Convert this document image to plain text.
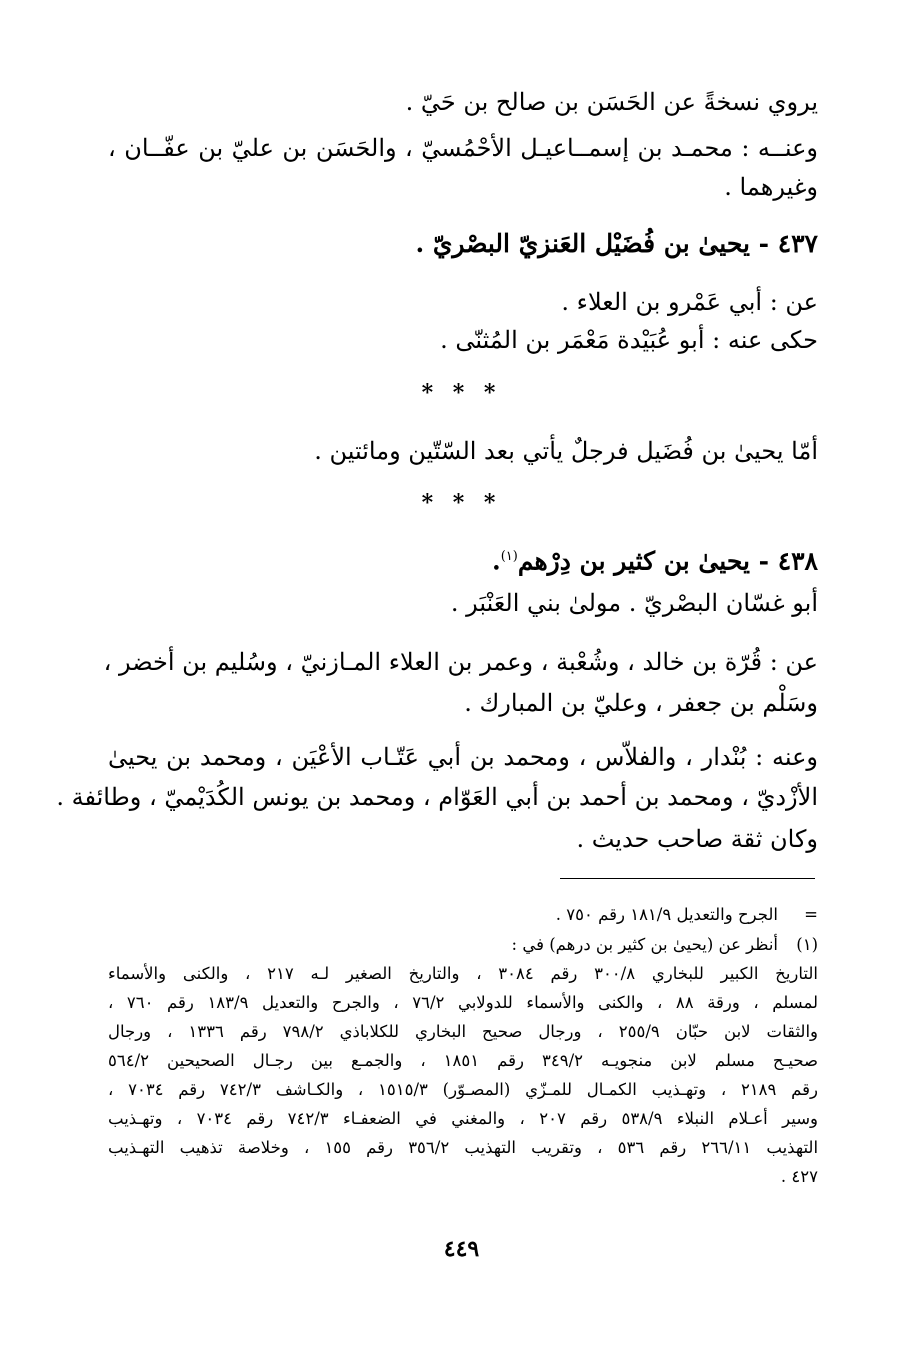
يروي نسخةً عن الحَسَن بن صالح بن حَيّ .
وعنــه : محمـد بن إسمــاعيـل الأحْمُسيّ ، والحَسَن بن عليّ بن عفّــان ،
وغيرهما .
٤٣٧ - يحيىٰ بن فُضَيْل العَنزيّ البصْريّ .
عن : أبي عَمْرو بن العلاء .
حكى عنه : أبو عُبَيْدة مَعْمَر بن المُثنّى .
* * *
أمّا يحيىٰ بن فُضَيل فرجلٌ يأتي بعد السّتّين ومائتين .
* * *
٤٣٨ - يحيىٰ بن كثير بن دِرْهم$^{(١)}$.
أبو غسّان البصْريّ . مولىٰ بني العَنْبَر .
عن : قُرّة بن خالد ، وشُعْبة ، وعمر بن العلاء المـازنيّ ، وسُليم بن أخضر ،
وسَلْم بن جعفر ، وعليّ بن المبارك .
وعنه : بُنْدار ، والفلاّس ، ومحمد بن أبي عَتّـاب الأعْيَن ، ومحمد بن يحيىٰ
الأزْديّ ، ومحمد بن أحمد بن أبي العَوّام ، ومحمد بن يونس الكُدَيْميّ ، وطائفة .
وكان ثقة صاحب حديث .
=
الجرح والتعديل ١٨١/٩ رقم ٧٥٠ .
(١)
أنظر عن (يحيىٰ بن كثير بن درهم) في :
التاريخ الكبير للبخاري ٣٠٠/٨ رقم ٣٠٨٤ ، والتاريخ الصغير لـه ٢١٧ ، والكنى والأسماء
لمسلم ، ورقة ٨٨ ، والكنى والأسماء للدولابي ٧٦/٢ ، والجرح والتعديل ١٨٣/٩ رقم ٧٦٠ ،
والثقات لابن حبّان ٢٥٥/٩ ، ورجال صحيح البخاري للكلاباذي ٧٩٨/٢ رقم ١٣٣٦ ، ورجال
صحيـح مسلم لابن منجويـه ٣٤٩/٢ رقم ١٨٥١ ، والجمـع بين رجـال الصحيحين ٥٦٤/٢
رقم ٢١٨٩ ، وتهـذيب الكمـال للمـزّي (المصـوّر) ١٥١٥/٣ ، والكـاشف ٧٤٢/٣ رقم ٧٠٣٤ ،
وسير أعـلام النبلاء ٥٣٨/٩ رقم ٢٠٧ ، والمغني في الضعفـاء ٧٤٢/٣ رقم ٧٠٣٤ ، وتهـذيب
التهذيب ٢٦٦/١١ رقم ٥٣٦ ، وتقريب التهذيب ٣٥٦/٢ رقم ١٥٥ ، وخلاصة تذهيب التهـذيب
٤٢٧ .
٤٤٩
